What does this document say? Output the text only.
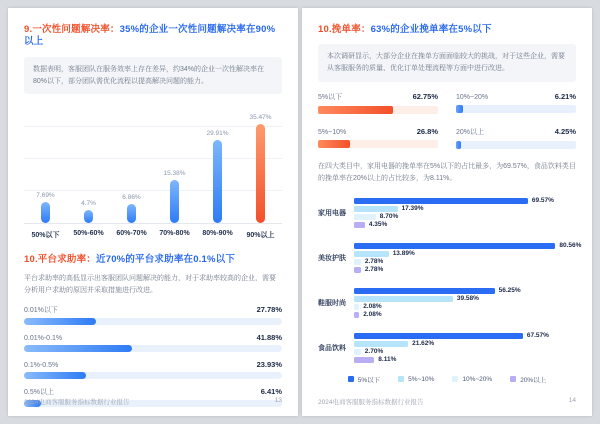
9.一次性问题解决率：35%的企业一次性问题解决率在90%以上
数据表明，客服团队在服务效率上存在差异，约34%的企业一次性解决率在80%以下，部分团队需优化流程以提高解决问题的能力。
7.69%
4.7%
6.86%
15.38%
29.91%
35.47%
50%以下	50%-60%	60%-70%	70%-80%	80%-90%	90%以上
10.平台求助率：近70%的平台求助率在0.1%以下
平台求助率的高低显示出客服团队问题解决的能力，对于求助率较高的企业，需要分析用户求助的原因并采取措施进行改进。
0.01%以下	27.78%
0.01%-0.1%	41.88%
0.1%-0.5%	23.93%
0.5%以上	6.41%
2024电商客服服务指标数据行业报告	13
10.挽单率：63%的企业挽单率在5%以下
本次调研显示，大部分企业在挽单方面面临较大的挑战，对于这些企业，需要从客服服务的质量、优化订单处理流程等方面中进行改进。
5%以下	62.75%	10%~20%	6.21%
5%~10%	26.8%	20%以上	4.25%
在四大类目中，家用电器的挽单率在5%以下的占比最多，为69.57%，食品饮料类目的挽单率在20%以上的占比较多，为8.11%。
家用电器
69.57%
17.39%
8.70%
4.35%
美妆护肤
80.56%
13.89%
2.78%
2.78%
鞋服时尚
56.25%
39.58%
2.08%
2.08%
食品饮料
67.57%
21.62%
2.70%
8.11%
5%以下	5%~10%	10%~20%	20%以上
2024电商客服服务指标数据行业报告	14
